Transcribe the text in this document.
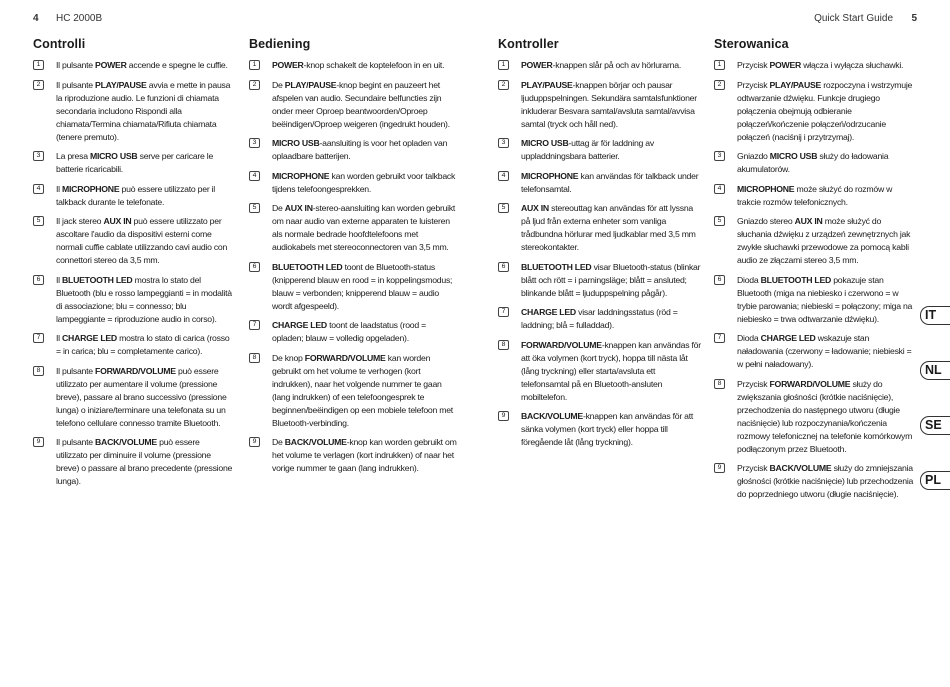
4 HC 2000B	Quick Start Guide 5
Controlli
1	Il pulsante POWER accende e spegne le cuffie.
2	Il pulsante PLAY/PAUSE avvia e mette in pausa la riproduzione audio. Le funzioni di chiamata secondaria includono Rispondi alla chiamata/Termina chiamata/Rifiuta chiamata (tenere premuto).
3	La presa MICRO USB serve per caricare le batterie ricaricabili.
4	Il MICROPHONE può essere utilizzato per il talkback durante le telefonate.
5	Il jack stereo AUX IN può essere utilizzato per ascoltare l'audio da dispositivi esterni come normali cuffie cablate utilizzando cavi audio con connettori stereo da 3,5 mm.
6	Il BLUETOOTH LED mostra lo stato del Bluetooth (blu e rosso lampeggianti = in modalità di associazione; blu = connesso; blu lampeggiante = riproduzione audio in corso).
7	Il CHARGE LED mostra lo stato di carica (rosso = in carica; blu = completamente carico).
8	Il pulsante FORWARD/VOLUME può essere utilizzato per aumentare il volume (pressione breve), passare al brano successivo (pressione lunga) o iniziare/terminare una telefonata su un telefono cellulare connesso tramite Bluetooth.
9	Il pulsante BACK/VOLUME può essere utilizzato per diminuire il volume (pressione breve) o passare al brano precedente (pressione lunga).
Bediening
1	POWER-knop schakelt de koptelefoon in en uit.
2	De PLAY/PAUSE-knop begint en pauzeert het afspelen van audio. Secundaire belfuncties zijn onder meer Oproep beantwoorden/Oproep beëindigen/Oproep weigeren (ingedrukt houden).
3	MICRO USB-aansluiting is voor het opladen van oplaadbare batterijen.
4	MICROPHONE kan worden gebruikt voor talkback tijdens telefoongesprekken.
5	De AUX IN-stereo-aansluiting kan worden gebruikt om naar audio van externe apparaten te luisteren als normale bedrade hoofdtelefoons met audiokabels met stereoconnectoren van 3,5 mm.
6	BLUETOOTH LED toont de Bluetooth-status (knipperend blauw en rood = in koppelingsmodus; blauw = verbonden; knipperend blauw = audio wordt afgespeeld).
7	CHARGE LED toont de laadstatus (rood = opladen; blauw = volledig opgeladen).
8	De knop FORWARD/VOLUME kan worden gebruikt om het volume te verhogen (kort indrukken), naar het volgende nummer te gaan (lang indrukken) of een telefoongesprek te beginnen/beëindigen op een mobiele telefoon met Bluetooth-verbinding.
9	De BACK/VOLUME-knop kan worden gebruikt om het volume te verlagen (kort indrukken) of naar het vorige nummer te gaan (lang indrukken).
Kontroller
1	POWER-knappen slår på och av hörlurarna.
2	PLAY/PAUSE-knappen börjar och pausar ljuduppspelningen. Sekundära samtalsfunktioner inkluderar Besvara samtal/avsluta samtal/avvisa samtal (tryck och håll ned).
3	MICRO USB-uttag är för laddning av uppladdningsbara batterier.
4	MICROPHONE kan användas för talkback under telefonsamtal.
5	AUX IN stereouttag kan användas för att lyssna på ljud från externa enheter som vanliga trådbundna hörlurar med ljudkablar med 3,5 mm stereokontakter.
6	BLUETOOTH LED visar Bluetooth-status (blinkar blått och rött = i parningsläge; blått = ansluted; blinkande blått = ljuduppspelning pågår).
7	CHARGE LED visar laddningsstatus (röd = laddning; blå = fulladdad).
8	FORWARD/VOLUME-knappen kan användas för att öka volymen (kort tryck), hoppa till nästa låt (lång tryckning) eller starta/avsluta ett telefonsamtal på en Bluetooth-ansluten mobiltelefon.
9	BACK/VOLUME-knappen kan användas för att sänka volymen (kort tryck) eller hoppa till föregående låt (lång tryckning).
Sterowanica
1	Przycisk POWER włącza i wyłącza słuchawki.
2	Przycisk PLAY/PAUSE rozpoczyna i wstrzymuje odtwarzanie dźwięku. Funkcje drugiego połączenia obejmują odbieranie połączeń/kończenie połączeń/odrzucanie połączeń (naciśnij i przytrzymaj).
3	Gniazdo MICRO USB służy do ładowania akumulatorów.
4	MICROPHONE może służyć do rozmów w trakcie rozmów telefonicznych.
5	Gniazdo stereo AUX IN może służyć do słuchania dźwięku z urządzeń zewnętrznych jak zwykłe słuchawki przewodowe za pomocą kabli audio ze złączami stereo 3,5 mm.
6	Dioda BLUETOOTH LED pokazuje stan Bluetooth (miga na niebiesko i czerwono = w trybie parowania; niebieski = połączony; miga na niebiesko = trwa odtwarzanie dźwięku).
7	Dioda CHARGE LED wskazuje stan naładowania (czerwony = ładowanie; niebieski = w pełni naładowany).
8	Przycisk FORWARD/VOLUME służy do zwiększania głośności (krótkie naciśnięcie), przechodzenia do następnego utworu (długie naciśnięcie) lub rozpoczynania/kończenia rozmowy telefonicznej na telefonie komórkowym podłączonym przez Bluetooth.
9	Przycisk BACK/VOLUME służy do zmniejszania głośności (krótkie naciśnięcie) lub przechodzenia do poprzedniego utworu (długie naciśnięcie).
IT
NL
SE
PL
